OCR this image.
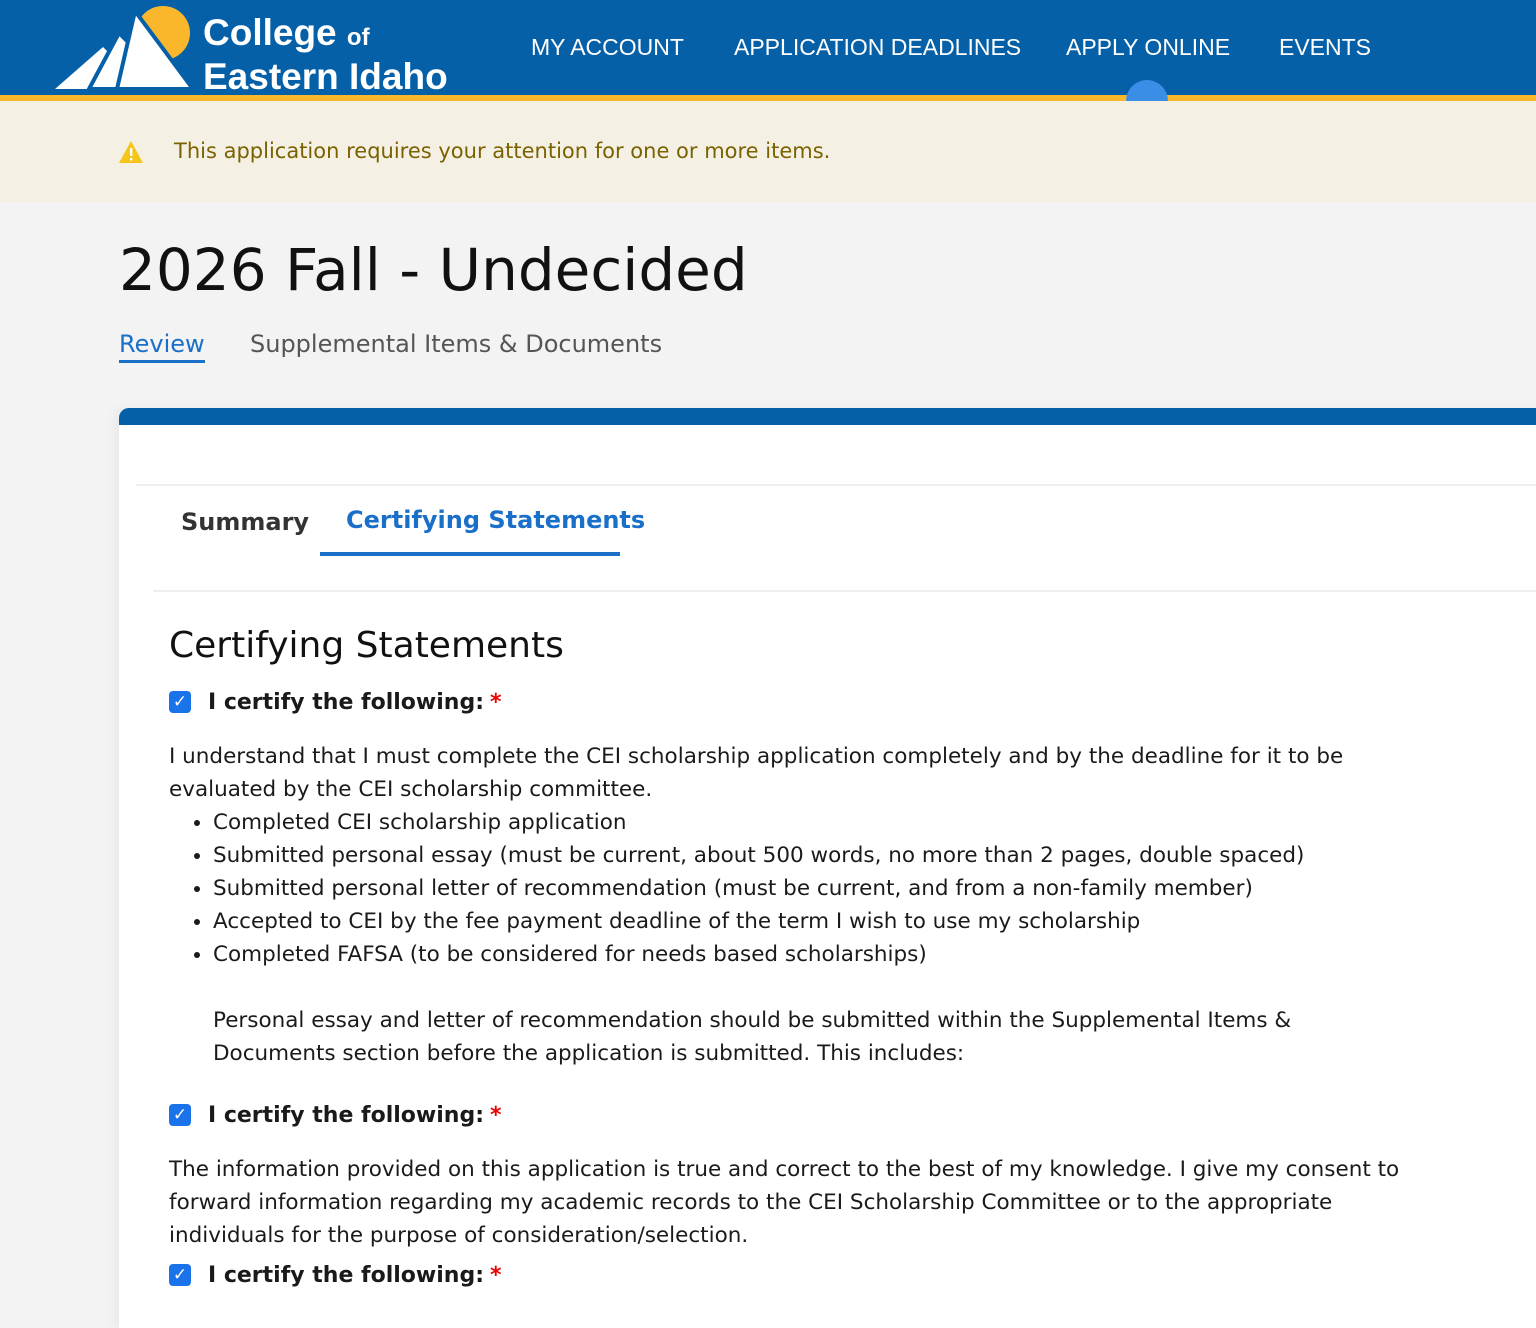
College of
Eastern Idaho
MY ACCOUNT APPLICATION DEADLINES APPLY ONLINE EVENTS
This application requires your attention for one or more items.
2026 Fall - Undecided
Review Supplemental Items & Documents
Summary Certifying Statements
Certifying Statements
✓ I certify the following: *
I understand that I must complete the CEI scholarship application completely and by the deadline for it to be evaluated by the CEI scholarship committee.
• Completed CEI scholarship application
• Submitted personal essay (must be current, about 500 words, no more than 2 pages, double spaced)
• Submitted personal letter of recommendation (must be current, and from a non-family member)
• Accepted to CEI by the fee payment deadline of the term I wish to use my scholarship
• Completed FAFSA (to be considered for needs based scholarships)
Personal essay and letter of recommendation should be submitted within the Supplemental Items & Documents section before the application is submitted. This includes:
✓ I certify the following: *
The information provided on this application is true and correct to the best of my knowledge. I give my consent to forward information regarding my academic records to the CEI Scholarship Committee or to the appropriate individuals for the purpose of consideration/selection.
✓ I certify the following: *
